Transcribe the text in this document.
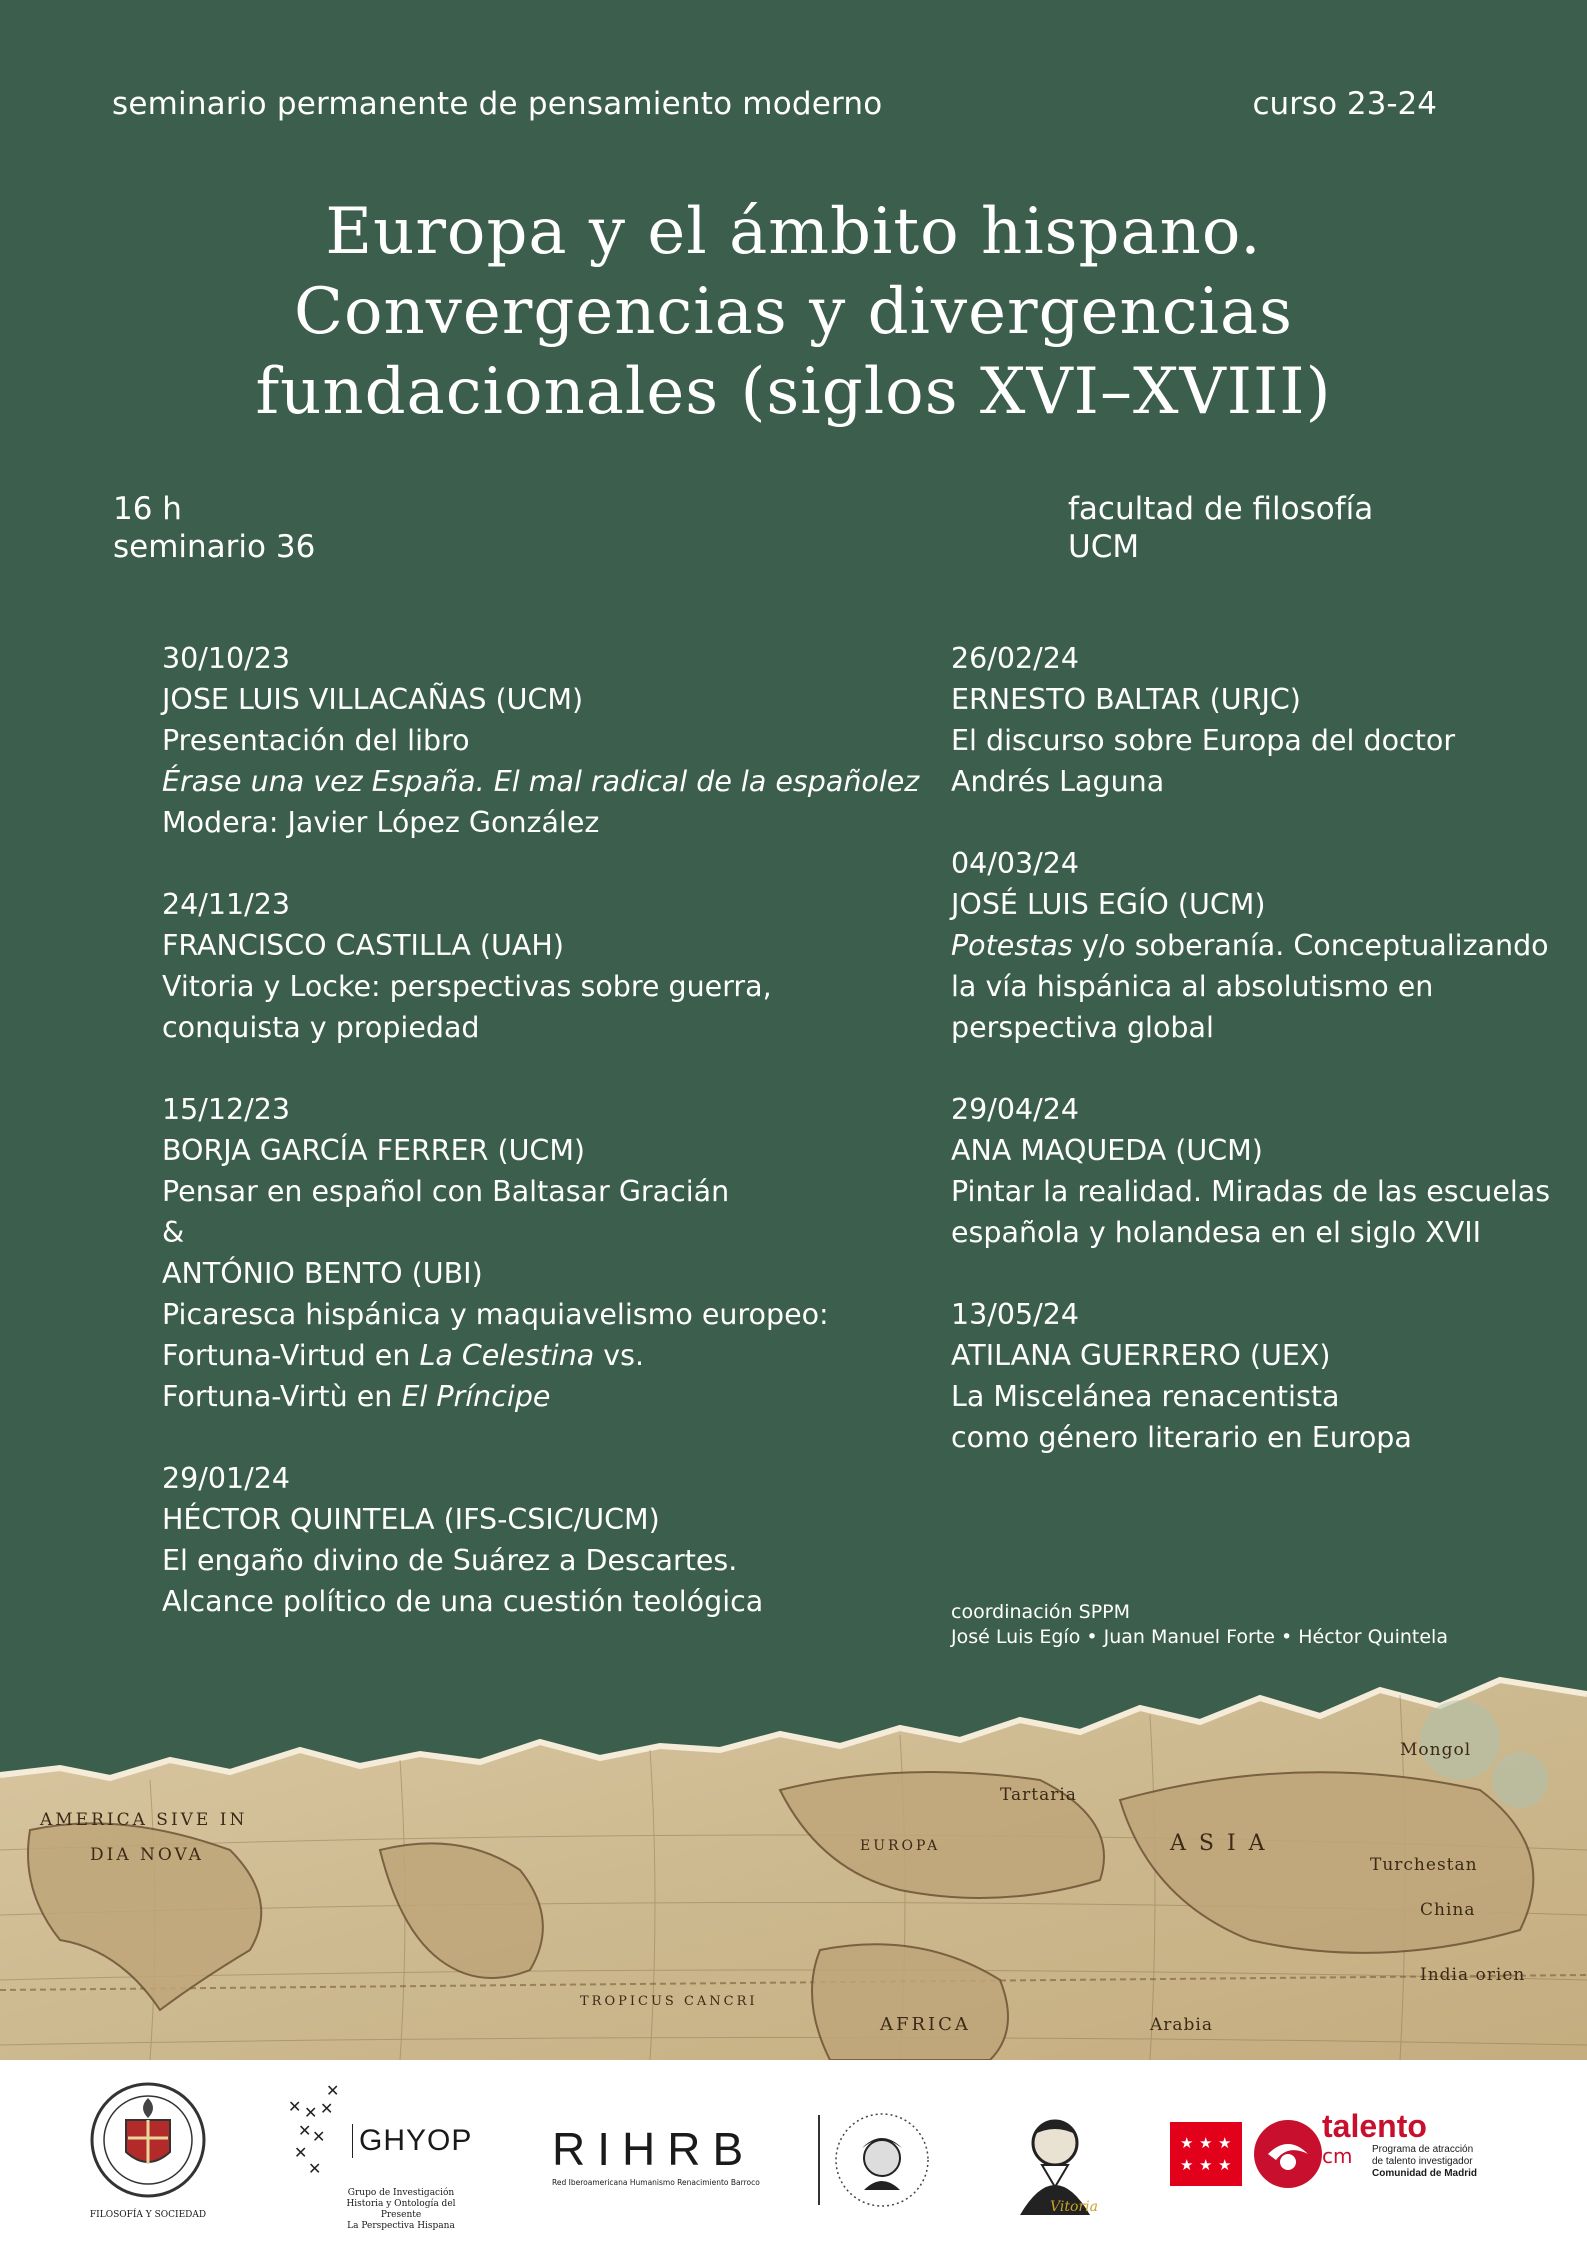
seminario permanente de pensamiento moderno	curso 23-24
Europa y el ámbito hispano.
Convergencias y divergencias
fundacionales (siglos XVI–XVIII)
16 h
seminario 36
facultad de filosofía
UCM
30/10/23
JOSE LUIS VILLACAÑAS (UCM)
Presentación del libro
Érase una vez España. El mal radical de la españolez
Modera: Javier López González
24/11/23
FRANCISCO CASTILLA (UAH)
Vitoria y Locke: perspectivas sobre guerra,
conquista y propiedad
15/12/23
BORJA GARCÍA FERRER (UCM)
Pensar en español con Baltasar Gracián
&
ANTÓNIO BENTO (UBI)
Picaresca hispánica y maquiavelismo europeo:
Fortuna-Virtud en La Celestina vs.
Fortuna-Virtù en El Príncipe
29/01/24
HÉCTOR QUINTELA (IFS-CSIC/UCM)
El engaño divino de Suárez a Descartes.
Alcance político de una cuestión teológica
26/02/24
ERNESTO BALTAR (URJC)
El discurso sobre Europa del doctor
Andrés Laguna
04/03/24
JOSÉ LUIS EGÍO (UCM)
Potestas y/o soberanía. Conceptualizando
la vía hispánica al absolutismo en
perspectiva global
29/04/24
ANA MAQUEDA (UCM)
Pintar la realidad. Miradas de las escuelas
española y holandesa en el siglo XVII
13/05/24
ATILANA GUERRERO (UEX)
La Miscelánea renacentista
como género literario en Europa
coordinación SPPM
José Luis Egío • Juan Manuel Forte • Héctor Quintela
AMERICA SIVE IN
DIA NOVA
Tartaria
A S I A
Mongol
Turchestan
China
India orien
TROPICUS CANCRI
AFRICA	Arabia
EUROPA
FILOSOFÍA Y SOCIEDAD
✕
✕ ✕ ✕
✕ ✕
✕
✕
GHYOP
Grupo de Investigación
Historia y Ontología del Presente
La Perspectiva Hispana
RIHRB
Red Iberoamericana Humanismo Renacimiento Barroco
Vitoria
★ ★ ★
★ ★ ★
talento
cm Programa de atracción
de talento investigador
Comunidad de Madrid
